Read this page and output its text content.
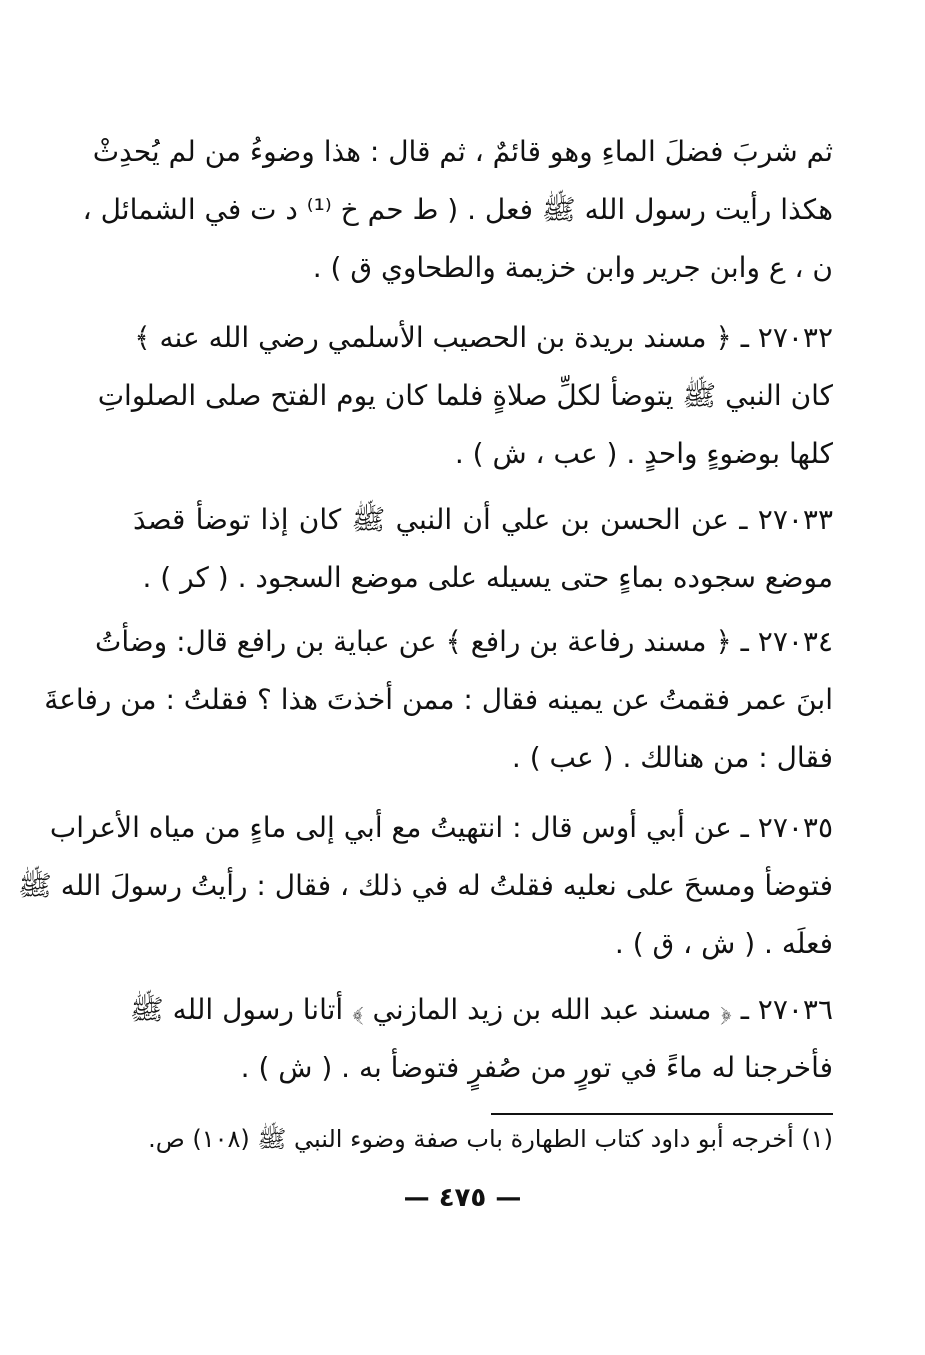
ثم شربَ فضلَ الماءِ وهو قائمٌ ، ثم قال : هذا وضوءُ من لم يُحدِثْ
هكذا رأيت رسول الله ﷺ فعل . ( ط حم خ ⁽¹⁾ د ت في الشمائل ،
ن ، ع وابن جرير وابن خزيمة والطحاوي ق ) .
٢٧٠٣٢ ـ ﴿ مسند بريدة بن الحصيب الأسلمي رضي الله عنه ﴾
كان النبي ﷺ يتوضأ لكلِّ صلاةٍ فلما كان يوم الفتح صلى الصلواتِ
كلها بوضوءٍ واحدٍ . ( عب ، ش ) .
٢٧٠٣٣ ـ عن الحسن بن علي أن النبي ﷺ كان إذا توضأ قصدَ
موضع سجوده بماءٍ حتى يسيله على موضع السجود . ( كر ) .
٢٧٠٣٤ ـ ﴿ مسند رفاعة بن رافع ﴾ عن عباية بن رافع قال: وضأتُ
ابنَ عمر فقمتُ عن يمينه فقال : ممن أخذتَ هذا ؟ فقلتُ : من رفاعةَ
فقال : من هنالك . ( عب ) .
٢٧٠٣٥ ـ عن أبي أوس قال : انتهيتُ مع أبي إلى ماءٍ من مياه الأعراب
فتوضأ ومسحَ على نعليه فقلتُ له في ذلك ، فقال : رأيتُ رسولَ الله ﷺ
فعلَه . ( ش ، ق ) .
٢٧٠٣٦ ـ ﴿ مسند عبد الله بن زيد المازني ﴾ أتانا رسول الله ﷺ
فأخرجنا له ماءً في تورٍ من صُفرٍ فتوضأ به . ( ش ) .
(١) أخرجه أبو داود كتاب الطهارة باب صفة وضوء النبي ﷺ (١٠٨) ص.
— ٤٧٥ —
